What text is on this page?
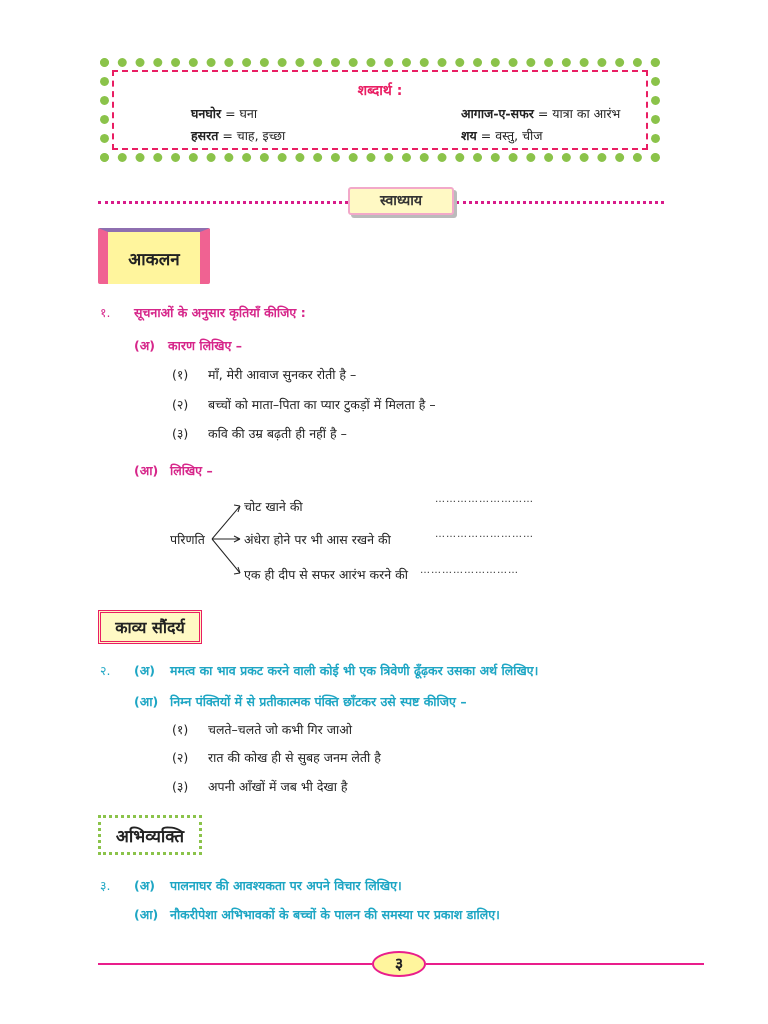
शब्दार्थ :
घनघोर = घना	आगाज-ए-सफर = यात्रा का आरंभ
हसरत = चाह, इच्छा	शय = वस्तु, चीज
स्वाध्याय
आकलन
१. सूचनाओं के अनुसार कृतियाँ कीजिए :
(अ) कारण लिखिए –
(१) माँ, मेरी आवाज सुनकर रोती है –
(२) बच्चों को माता–पिता का प्यार टुकड़ों में मिलता है –
(३) कवि की उम्र बढ़ती ही नहीं है –
(आ) लिखिए –
परिणति
चोट खाने की
अंधेरा होने पर भी आस रखने की
एक ही दीप से सफर आरंभ करने की
………………………
………………………
………………………
काव्य सौंदर्य
२. (अ) ममत्व का भाव प्रकट करने वाली कोई भी एक त्रिवेणी ढूँढ़कर उसका अर्थ लिखिए।
(आ) निम्न पंक्तियों में से प्रतीकात्मक पंक्ति छाँटकर उसे स्पष्ट कीजिए –
(१) चलते–चलते जो कभी गिर जाओ
(२) रात की कोख ही से सुबह जनम लेती है
(३) अपनी आँखों में जब भी देखा है
अभिव्यक्ति
३. (अ) पालनाघर की आवश्यकता पर अपने विचार लिखिए।
(आ) नौकरीपेशा अभिभावकों के बच्चों के पालन की समस्या पर प्रकाश डालिए।
३
